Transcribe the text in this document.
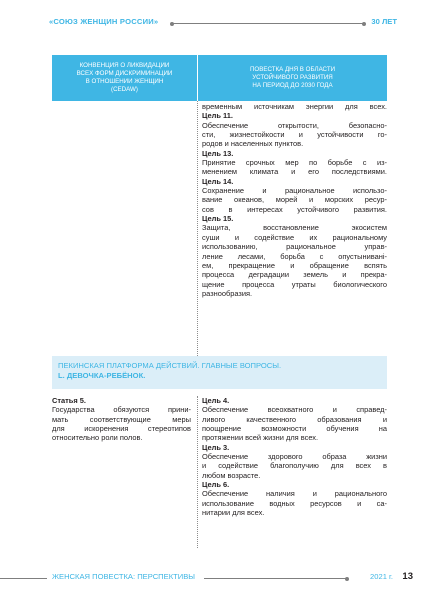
«СОЮЗ ЖЕНЩИН РОССИИ»	30 ЛЕТ
КОНВЕНЦИЯ О ЛИКВИДАЦИИ
ВСЕХ ФОРМ ДИСКРИМИНАЦИИ
В ОТНОШЕНИИ ЖЕНЩИН
(CEDAW)
ПОВЕСТКА ДНЯ В ОБЛАСТИ
УСТОЙЧИВОГО РАЗВИТИЯ
НА ПЕРИОД ДО 2030 ГОДА
временным источникам энергии для всех.
Цель 11.
Обеспечение открытости, безопасно-
сти, жизнестойкости и устойчивости го-
родов и населенных пунктов.
Цель 13.
Принятие срочных мер по борьбе с из-
менением климата и его последствиями.
Цель 14.
Сохранение и рациональное использо-
вание океанов, морей и морских ресур-
сов в интересах устойчивого развития.
Цель 15.
Защита, восстановление экосистем
суши и содействие их рациональному
использованию, рациональное управ-
ление лесами, борьба с опустыниванi-
ем, прекращение и обращение вспять
процесса деградации земель и прекра-
щение процесса утраты биологического
разнообразия.
ПЕКИНСКАЯ ПЛАТФОРМА ДЕЙСТВИЙ. ГЛАВНЫЕ ВОПРОСЫ.
L. ДЕВОЧКА-РЕБЁНОК.
Статья 5.
Государства обязуются прини-
мать соответствующие меры
для искоренения стереотипов
относительно роли полов.
Цель 4.
Обеспечение всеохватного и справед-
ливого качественного образования и
поощрение возможности обучения на
протяжении всей жизни для всех.
Цель 3.
Обеспечение здорового образа жизни
и содействие благополучию для всех в
любом возрасте.
Цель 6.
Обеспечение наличия и рационального
использование водных ресурсов и са-
нитарии для всех.
ЖЕНСКАЯ ПОВЕСТКА: ПЕРСПЕКТИВЫ	2021 г. 13
